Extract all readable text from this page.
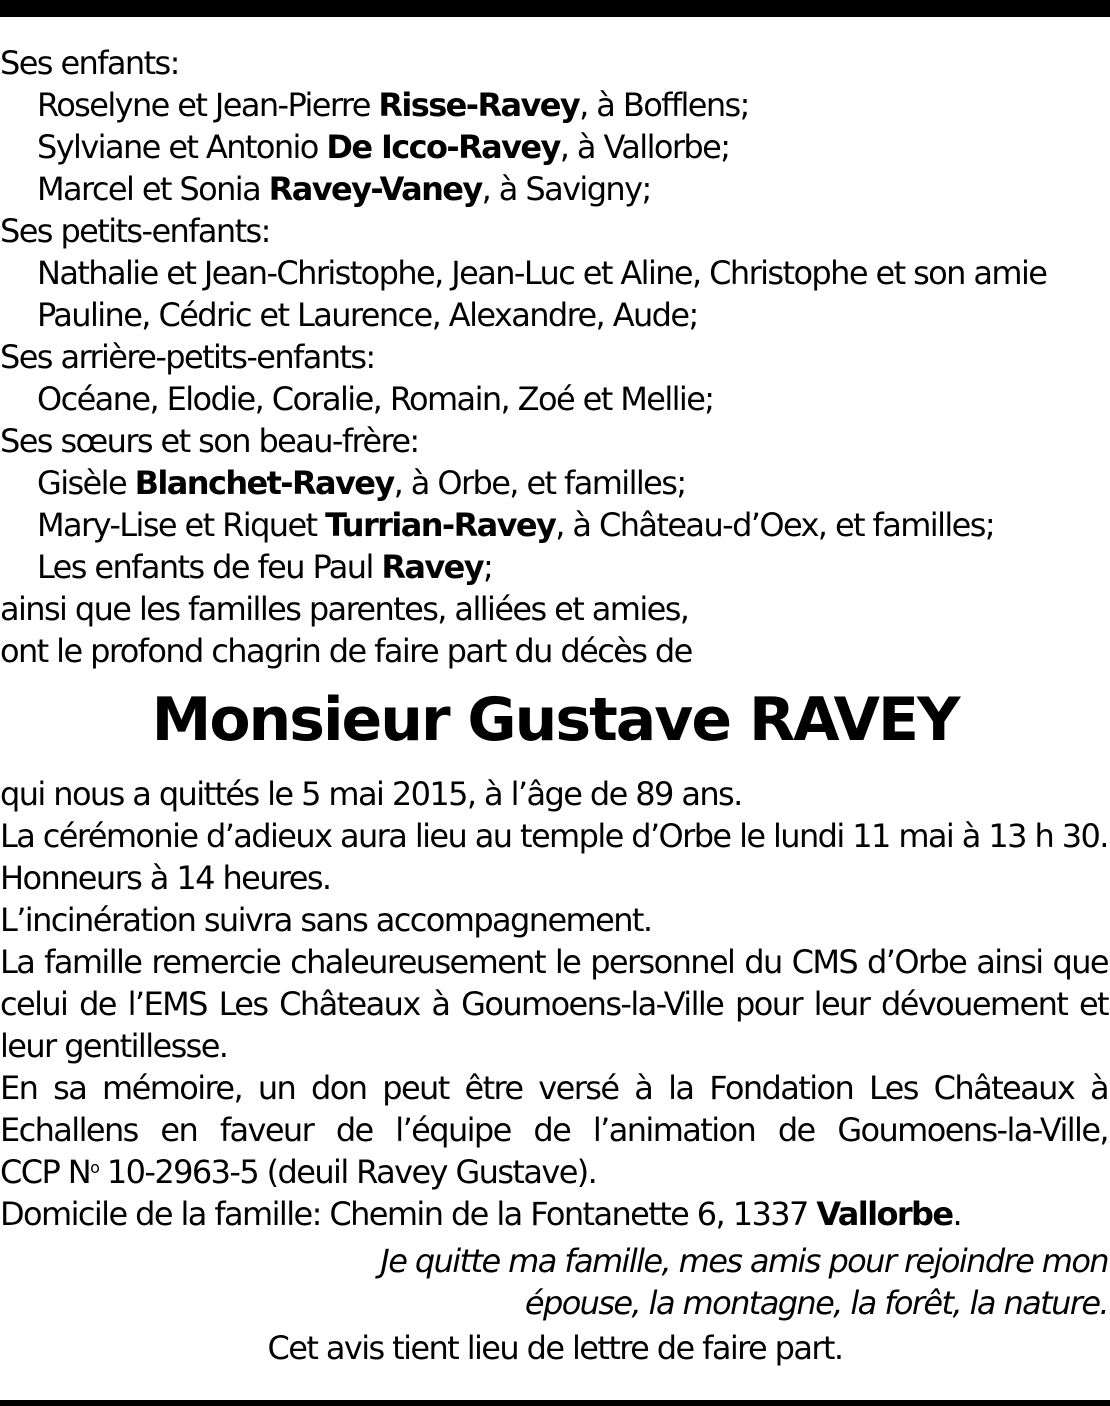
Ses enfants:
Roselyne et Jean-Pierre Risse-Ravey, à Bofflens;
Sylviane et Antonio De Icco-Ravey, à Vallorbe;
Marcel et Sonia Ravey-Vaney, à Savigny;
Ses petits-enfants:
Nathalie et Jean-Christophe, Jean-Luc et Aline, Christophe et son amie
Pauline, Cédric et Laurence, Alexandre, Aude;
Ses arrière-petits-enfants:
Océane, Elodie, Coralie, Romain, Zoé et Mellie;
Ses sœurs et son beau-frère:
Gisèle Blanchet-Ravey, à Orbe, et familles;
Mary-Lise et Riquet Turrian-Ravey, à Château-d’Oex, et familles;
Les enfants de feu Paul Ravey;
ainsi que les familles parentes, alliées et amies,
ont le profond chagrin de faire part du décès de
Monsieur Gustave RAVEY
qui nous a quittés le 5 mai 2015, à l’âge de 89 ans.
La cérémonie d’adieux aura lieu au temple d’Orbe le lundi 11 mai à 13 h 30.
Honneurs à 14 heures.
L’incinération suivra sans accompagnement.
La famille remercie chaleureusement le personnel du CMS d’Orbe ainsi que
celui de l’EMS Les Châteaux à Goumoens-la-Ville pour leur dévouement et
leur gentillesse.
En sa mémoire, un don peut être versé à la Fondation Les Châteaux à
Echallens en faveur de l’équipe de l’animation de Goumoens-la-Ville,
CCP $N^o$ 10-2963-5 (deuil Ravey Gustave).
Domicile de la famille: Chemin de la Fontanette 6, 1337 Vallorbe.
Je quitte ma famille, mes amis pour rejoindre mon
épouse, la montagne, la forêt, la nature.
Cet avis tient lieu de lettre de faire part.
